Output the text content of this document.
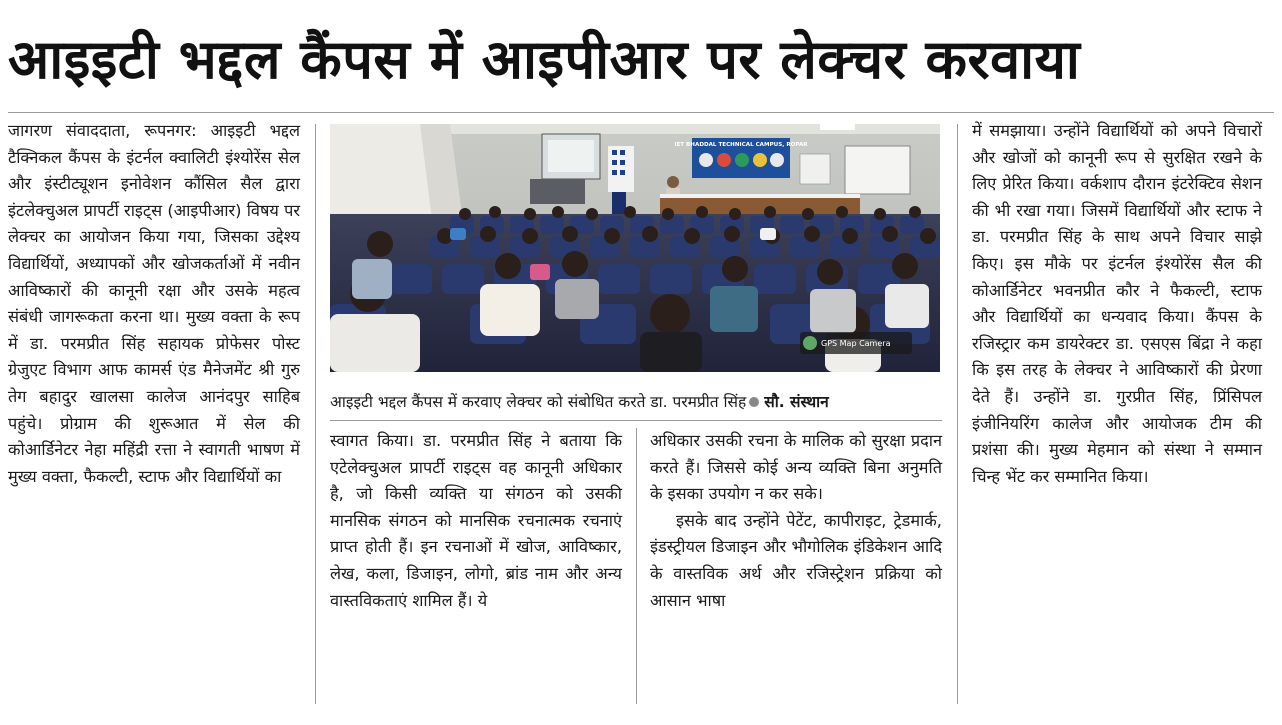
आइइटी भद्दल कैंपस में आइपीआर पर लेक्चर करवाया

जागरण संवाददाता, रूपनगर: आइइटी भद्दल टैक्निकल कैंपस के इंटर्नल क्वालिटी इंश्योरेंस सेल और इंस्टीट्यूशन इनोवेशन कौंसिल सैल द्वारा इंटलेक्चुअल प्रापर्टी राइट्स (आइपीआर) विषय पर लेक्चर का आयोजन किया गया, जिसका उद्देश्य विद्यार्थियों, अध्यापकों और खोजकर्ताओं में नवीन आविष्कारों की कानूनी रक्षा और उसके महत्व संबंधी जागरूकता करना था। मुख्य वक्ता के रूप में डा. परमप्रीत सिंह सहायक प्रोफेसर पोस्ट ग्रेजुएट विभाग आफ कामर्स एंड मैनेजमेंट श्री गुरु तेग बहादुर खालसा कालेज आनंदपुर साहिब पहुंचे। प्रोग्राम की शुरूआत में सेल की कोआर्डिनेटर नेहा महिंद्री रत्ता ने स्वागती भाषण में मुख्य वक्ता, फैकल्टी, स्टाफ और विद्यार्थियों का

IET BHADDAL TECHNICAL CAMPUS, ROPAR
GPS Map Camera
आइइटी भद्दल कैंपस में करवाए लेक्चर को संबोधित करते डा. परमप्रीत सिंह सौ. संस्थान

स्वागत किया। डा. परमप्रीत सिंह ने बताया कि एटेलेक्चुअल प्रापर्टी राइट्स वह कानूनी अधिकार है, जो किसी व्यक्ति या संगठन को उसकी मानसिक संगठन को मानसिक रचनात्मक रचनाएं प्राप्त होती हैं। इन रचनाओं में खोज, आविष्कार, लेख, कला, डिजाइन, लोगो, ब्रांड नाम और अन्य वास्तविकताएं शामिल हैं। ये

अधिकार उसकी रचना के मालिक को सुरक्षा प्रदान करते हैं। जिससे कोई अन्य व्यक्ति बिना अनुमति के इसका उपयोग न कर सके।

इसके बाद उन्होंने पेटेंट, कापीराइट, ट्रेडमार्क, इंडस्ट्रीयल डिजाइन और भौगोलिक इंडिकेशन आदि के वास्तविक अर्थ और रजिस्ट्रेशन प्रक्रिया को आसान भाषा

में समझाया। उन्होंने विद्यार्थियों को अपने विचारों और खोजों को कानूनी रूप से सुरक्षित रखने के लिए प्रेरित किया। वर्कशाप दौरान इंटरेक्टिव सेशन की भी रखा गया। जिसमें विद्यार्थियों और स्टाफ ने डा. परमप्रीत सिंह के साथ अपने विचार साझे किए। इस मौके पर इंटर्नल इंश्योरेंस सैल की कोआर्डिनेटर भवनप्रीत कौर ने फैकल्टी, स्टाफ और विद्यार्थियों का धन्यवाद किया। कैंपस के रजिस्ट्रार कम डायरेक्टर डा. एसएस बिंद्रा ने कहा कि इस तरह के लेक्चर ने आविष्कारों की प्रेरणा देते हैं। उन्होंने डा. गुरप्रीत सिंह, प्रिंसिपल इंजीनियरिंग कालेज और आयोजक टीम की प्रशंसा की। मुख्य मेहमान को संस्था ने सम्मान चिन्ह भेंट कर सम्मानित किया।
